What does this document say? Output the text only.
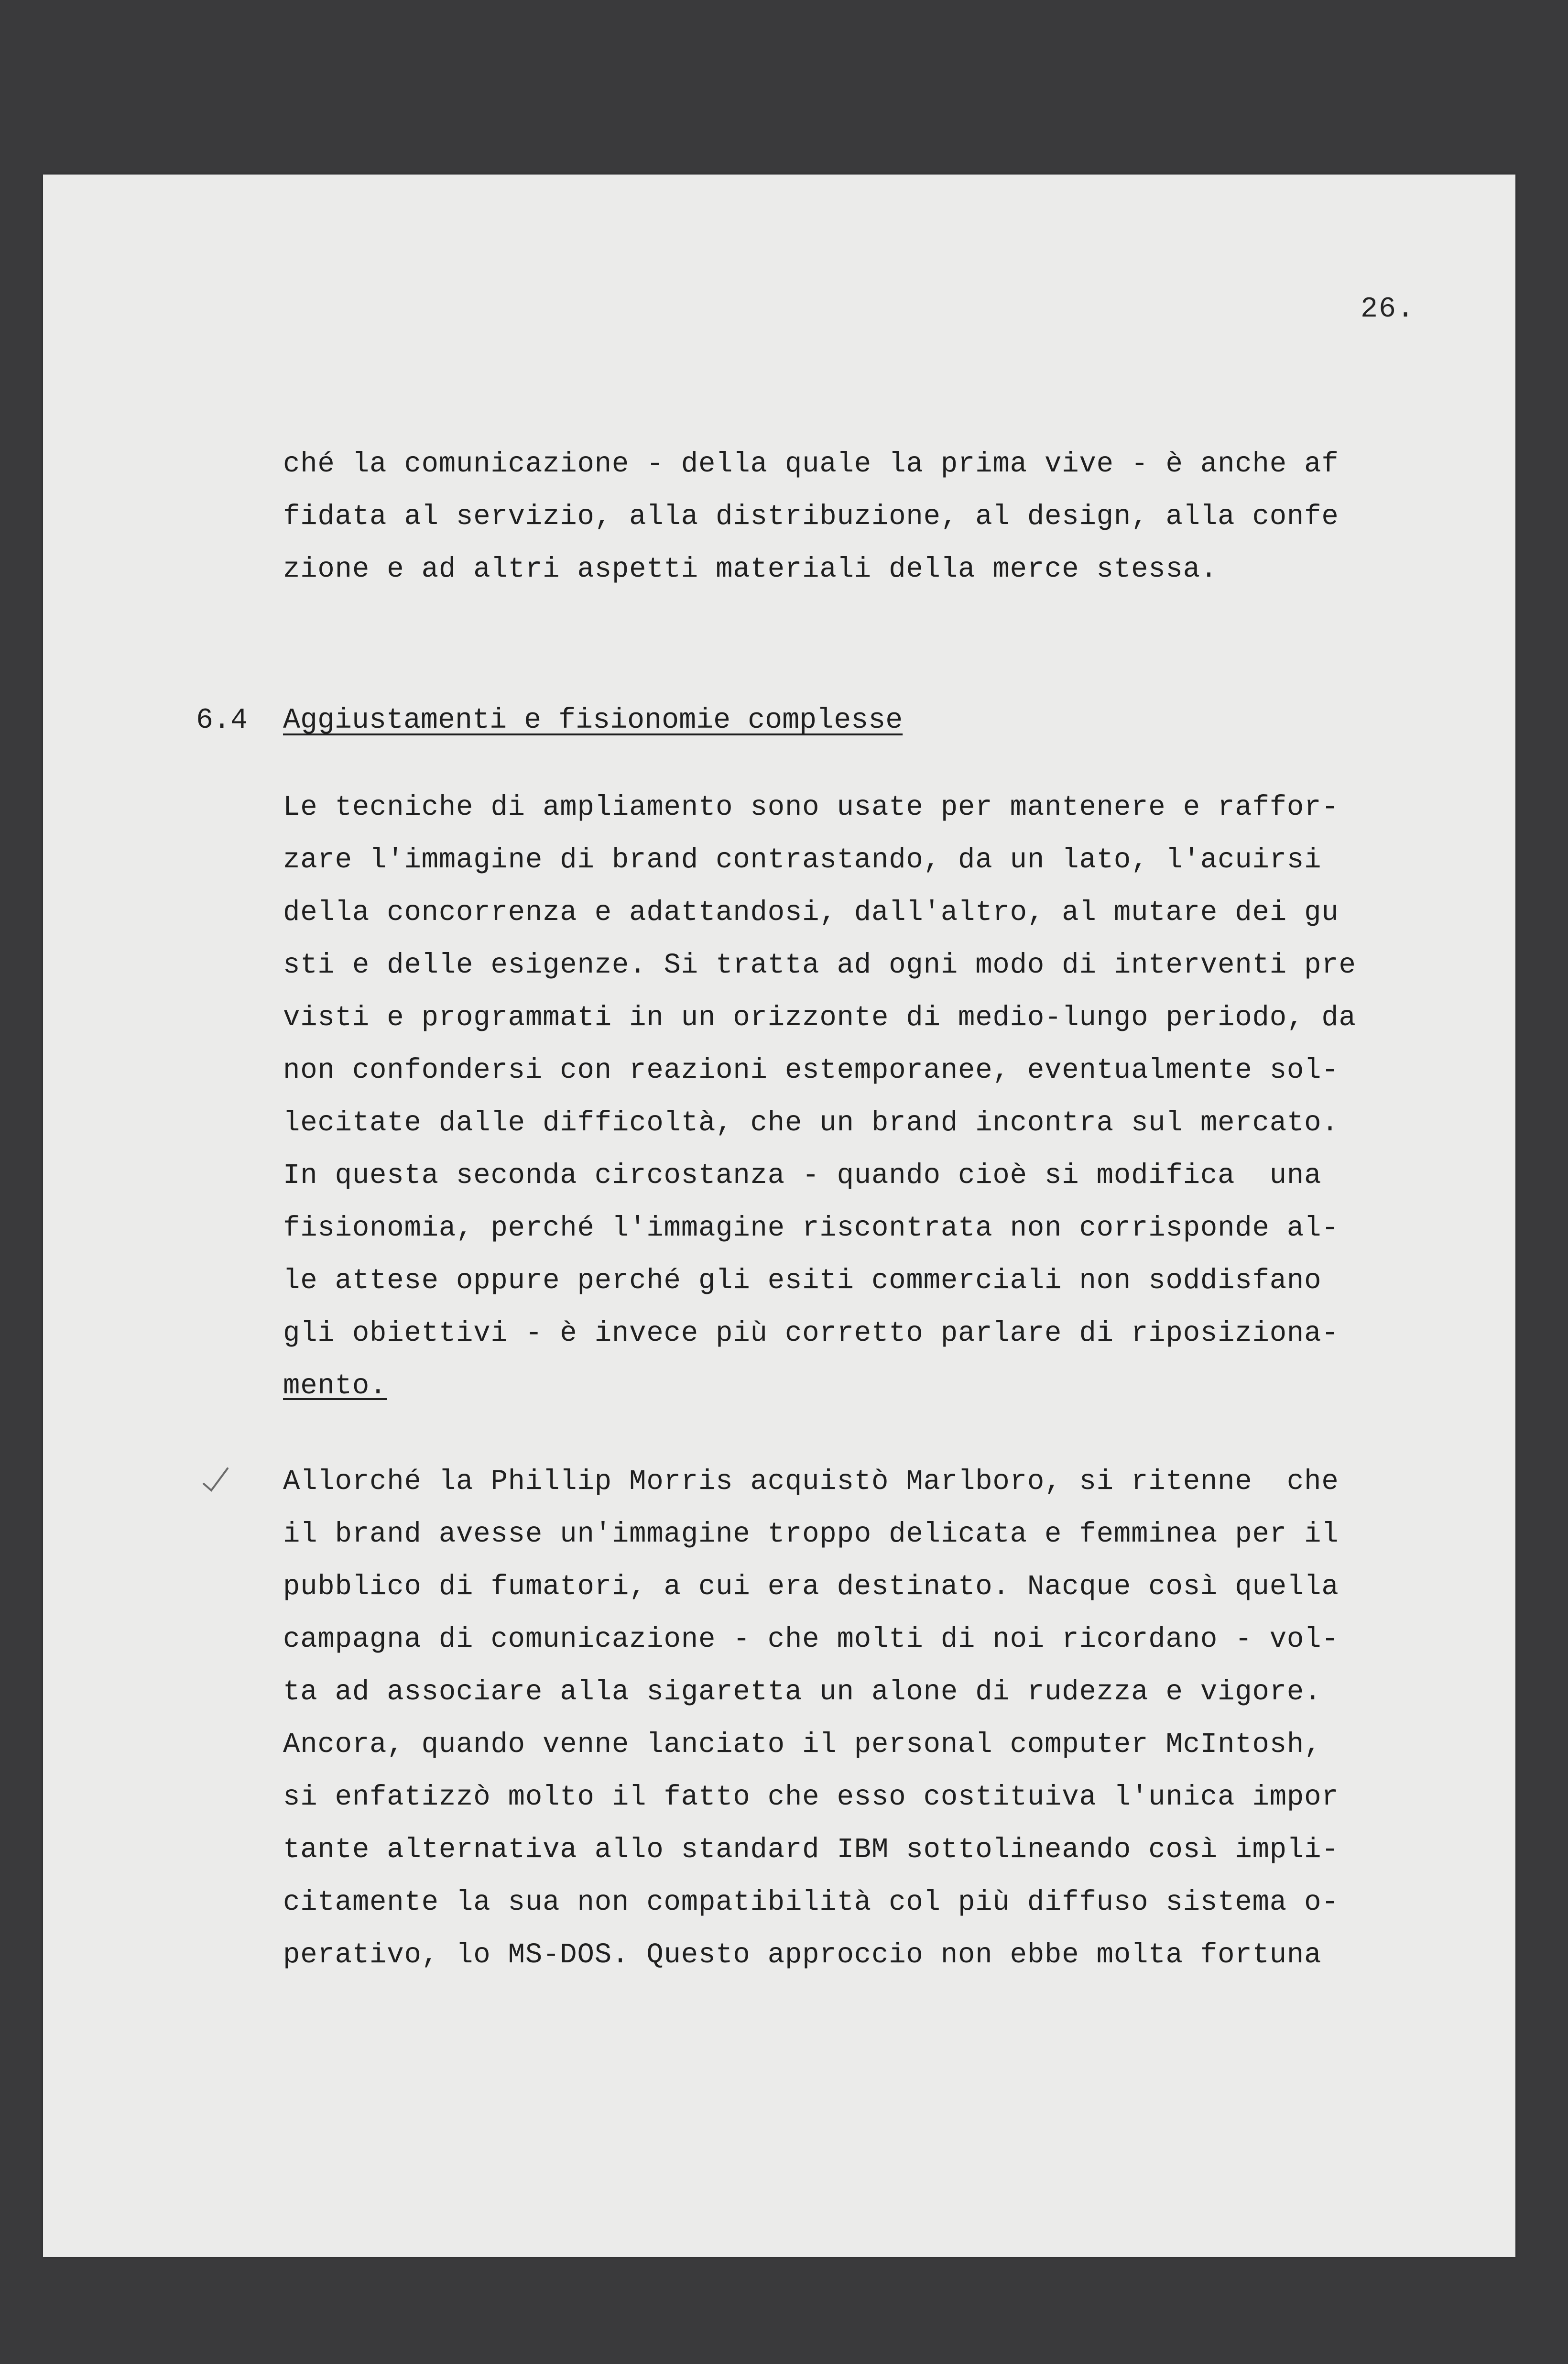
26.
ché la comunicazione - della quale la prima vive - è anche af
fidata al servizio, alla distribuzione, al design, alla confe
zione e ad altri aspetti materiali della merce stessa.
6.4 Aggiustamenti e fisionomie complesse
Le tecniche di ampliamento sono usate per mantenere e raffor-
zare l'immagine di brand contrastando, da un lato, l'acuirsi
della concorrenza e adattandosi, dall'altro, al mutare dei gu
sti e delle esigenze. Si tratta ad ogni modo di interventi pre
visti e programmati in un orizzonte di medio-lungo periodo, da
non confondersi con reazioni estemporanee, eventualmente sol-
lecitate dalle difficoltà, che un brand incontra sul mercato.
In questa seconda circostanza - quando cioè si modifica  una
fisionomia, perché l'immagine riscontrata non corrisponde al-
le attese oppure perché gli esiti commerciali non soddisfano
gli obiettivi - è invece più corretto parlare di riposiziona-
mento.
Allorché la Phillip Morris acquistò Marlboro, si ritenne  che
il brand avesse un'immagine troppo delicata e femminea per il
pubblico di fumatori, a cui era destinato. Nacque così quella
campagna di comunicazione - che molti di noi ricordano - vol-
ta ad associare alla sigaretta un alone di rudezza e vigore.
Ancora, quando venne lanciato il personal computer McIntosh,
si enfatizzò molto il fatto che esso costituiva l'unica impor
tante alternativa allo standard IBM sottolineando così impli-
citamente la sua non compatibilità col più diffuso sistema o-
perativo, lo MS-DOS. Questo approccio non ebbe molta fortuna
